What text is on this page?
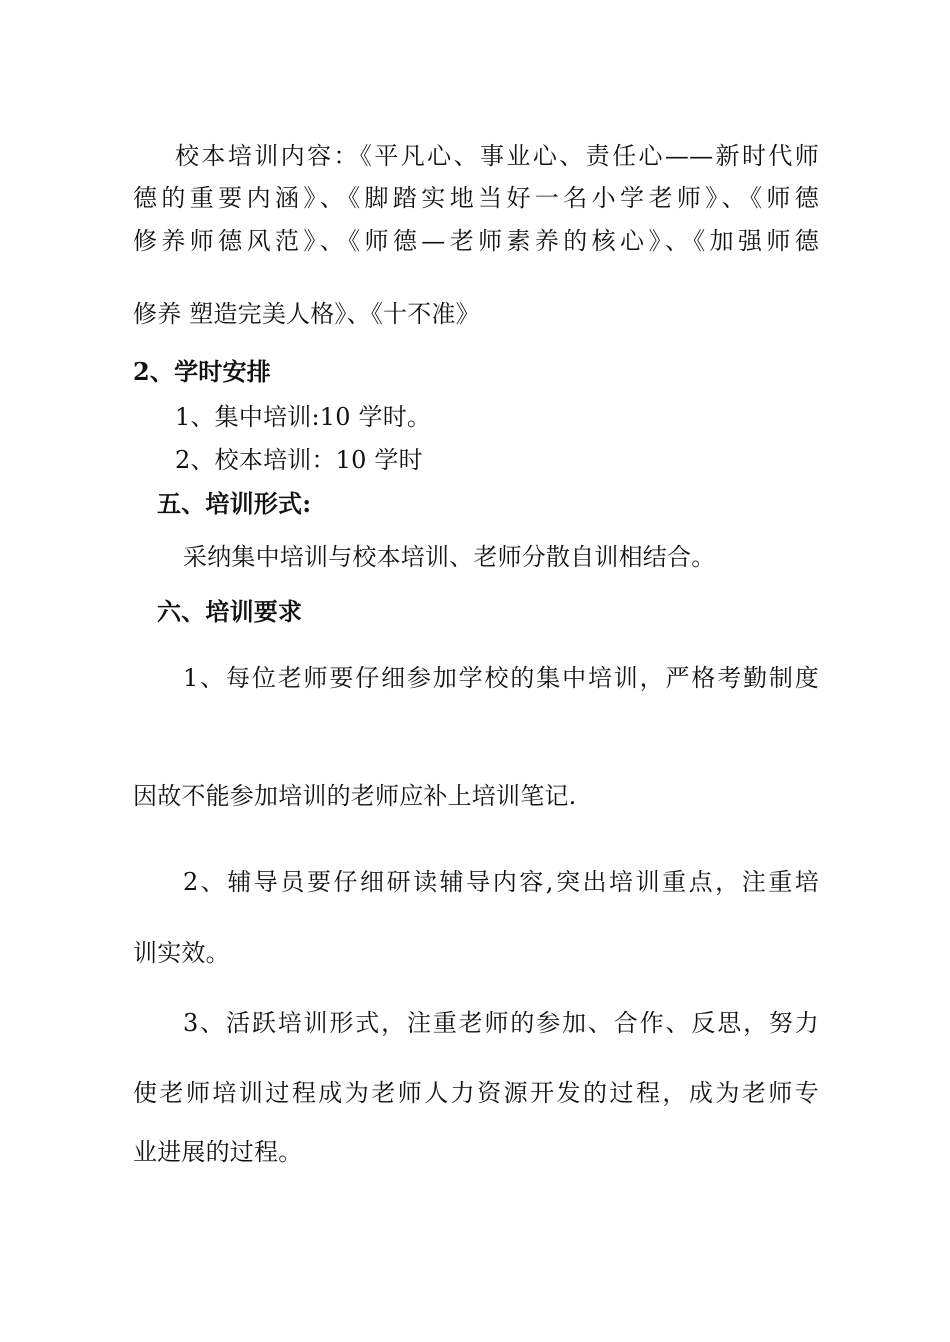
校本培训内容：《平凡心、事业心、责任心——新时代师
德的重要内涵》、《脚踏实地当好一名小学老师》、《师德
修养师德风范》、《师德—老师素养的核心》、《加强师德
修养 塑造完美人格》、《十不准》
2、学时安排
1、集中培训:10 学时。
2、校本培训：10 学时
五、培训形式:
采纳集中培训与校本培训、老师分散自训相结合。
六、培训要求
1、每位老师要仔细参加学校的集中培训，严格考勤制度
因故不能参加培训的老师应补上培训笔记.
2、辅导员要仔细研读辅导内容,突出培训重点，注重培
训实效。
3、活跃培训形式，注重老师的参加、合作、反思，努力
使老师培训过程成为老师人力资源开发的过程，成为老师专
业进展的过程。
